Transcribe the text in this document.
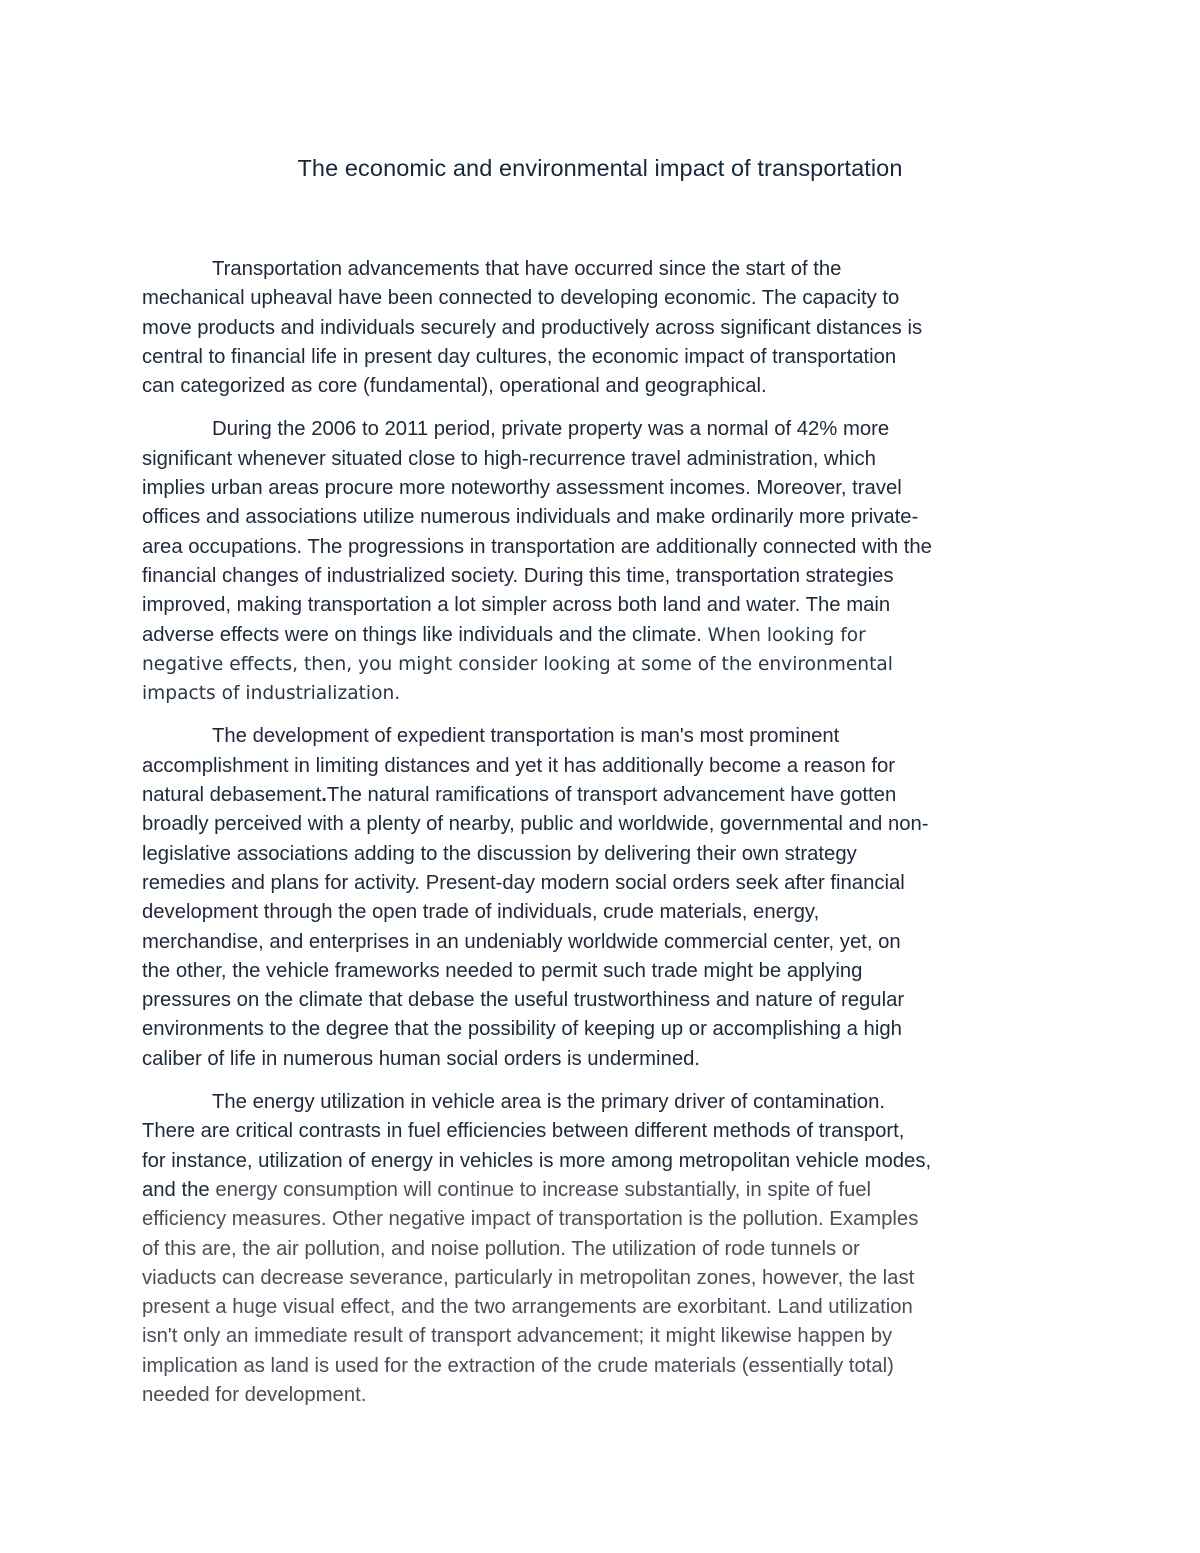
The economic and environmental impact of transportation

Transportation advancements that have occurred since the start of the
mechanical upheaval have been connected to developing economic. The capacity to
move products and individuals securely and productively across significant distances is
central to financial life in present day cultures, the economic impact of transportation
can categorized as core (fundamental), operational and geographical.

During the 2006 to 2011 period, private property was a normal of 42% more
significant whenever situated close to high-recurrence travel administration, which
implies urban areas procure more noteworthy assessment incomes. Moreover, travel
offices and associations utilize numerous individuals and make ordinarily more private-
area occupations. The progressions in transportation are additionally connected with the
financial changes of industrialized society. During this time, transportation strategies
improved, making transportation a lot simpler across both land and water. The main
adverse effects were on things like individuals and the climate. When looking for
negative effects, then, you might consider looking at some of the environmental
impacts of industrialization.

The development of expedient transportation is man's most prominent
accomplishment in limiting distances and yet it has additionally become a reason for
natural debasement.The natural ramifications of transport advancement have gotten
broadly perceived with a plenty of nearby, public and worldwide, governmental and non-
legislative associations adding to the discussion by delivering their own strategy
remedies and plans for activity. Present-day modern social orders seek after financial
development through the open trade of individuals, crude materials, energy,
merchandise, and enterprises in an undeniably worldwide commercial center, yet, on
the other, the vehicle frameworks needed to permit such trade might be applying
pressures on the climate that debase the useful trustworthiness and nature of regular
environments to the degree that the possibility of keeping up or accomplishing a high
caliber of life in numerous human social orders is undermined.

The energy utilization in vehicle area is the primary driver of contamination.
There are critical contrasts in fuel efficiencies between different methods of transport,
for instance, utilization of energy in vehicles is more among metropolitan vehicle modes,
and the energy consumption will continue to increase substantially, in spite of fuel
efficiency measures. Other negative impact of transportation is the pollution. Examples
of this are, the air pollution, and noise pollution. The utilization of rode tunnels or
viaducts can decrease severance, particularly in metropolitan zones, however, the last
present a huge visual effect, and the two arrangements are exorbitant. Land utilization
isn't only an immediate result of transport advancement; it might likewise happen by
implication as land is used for the extraction of the crude materials (essentially total)
needed for development.
